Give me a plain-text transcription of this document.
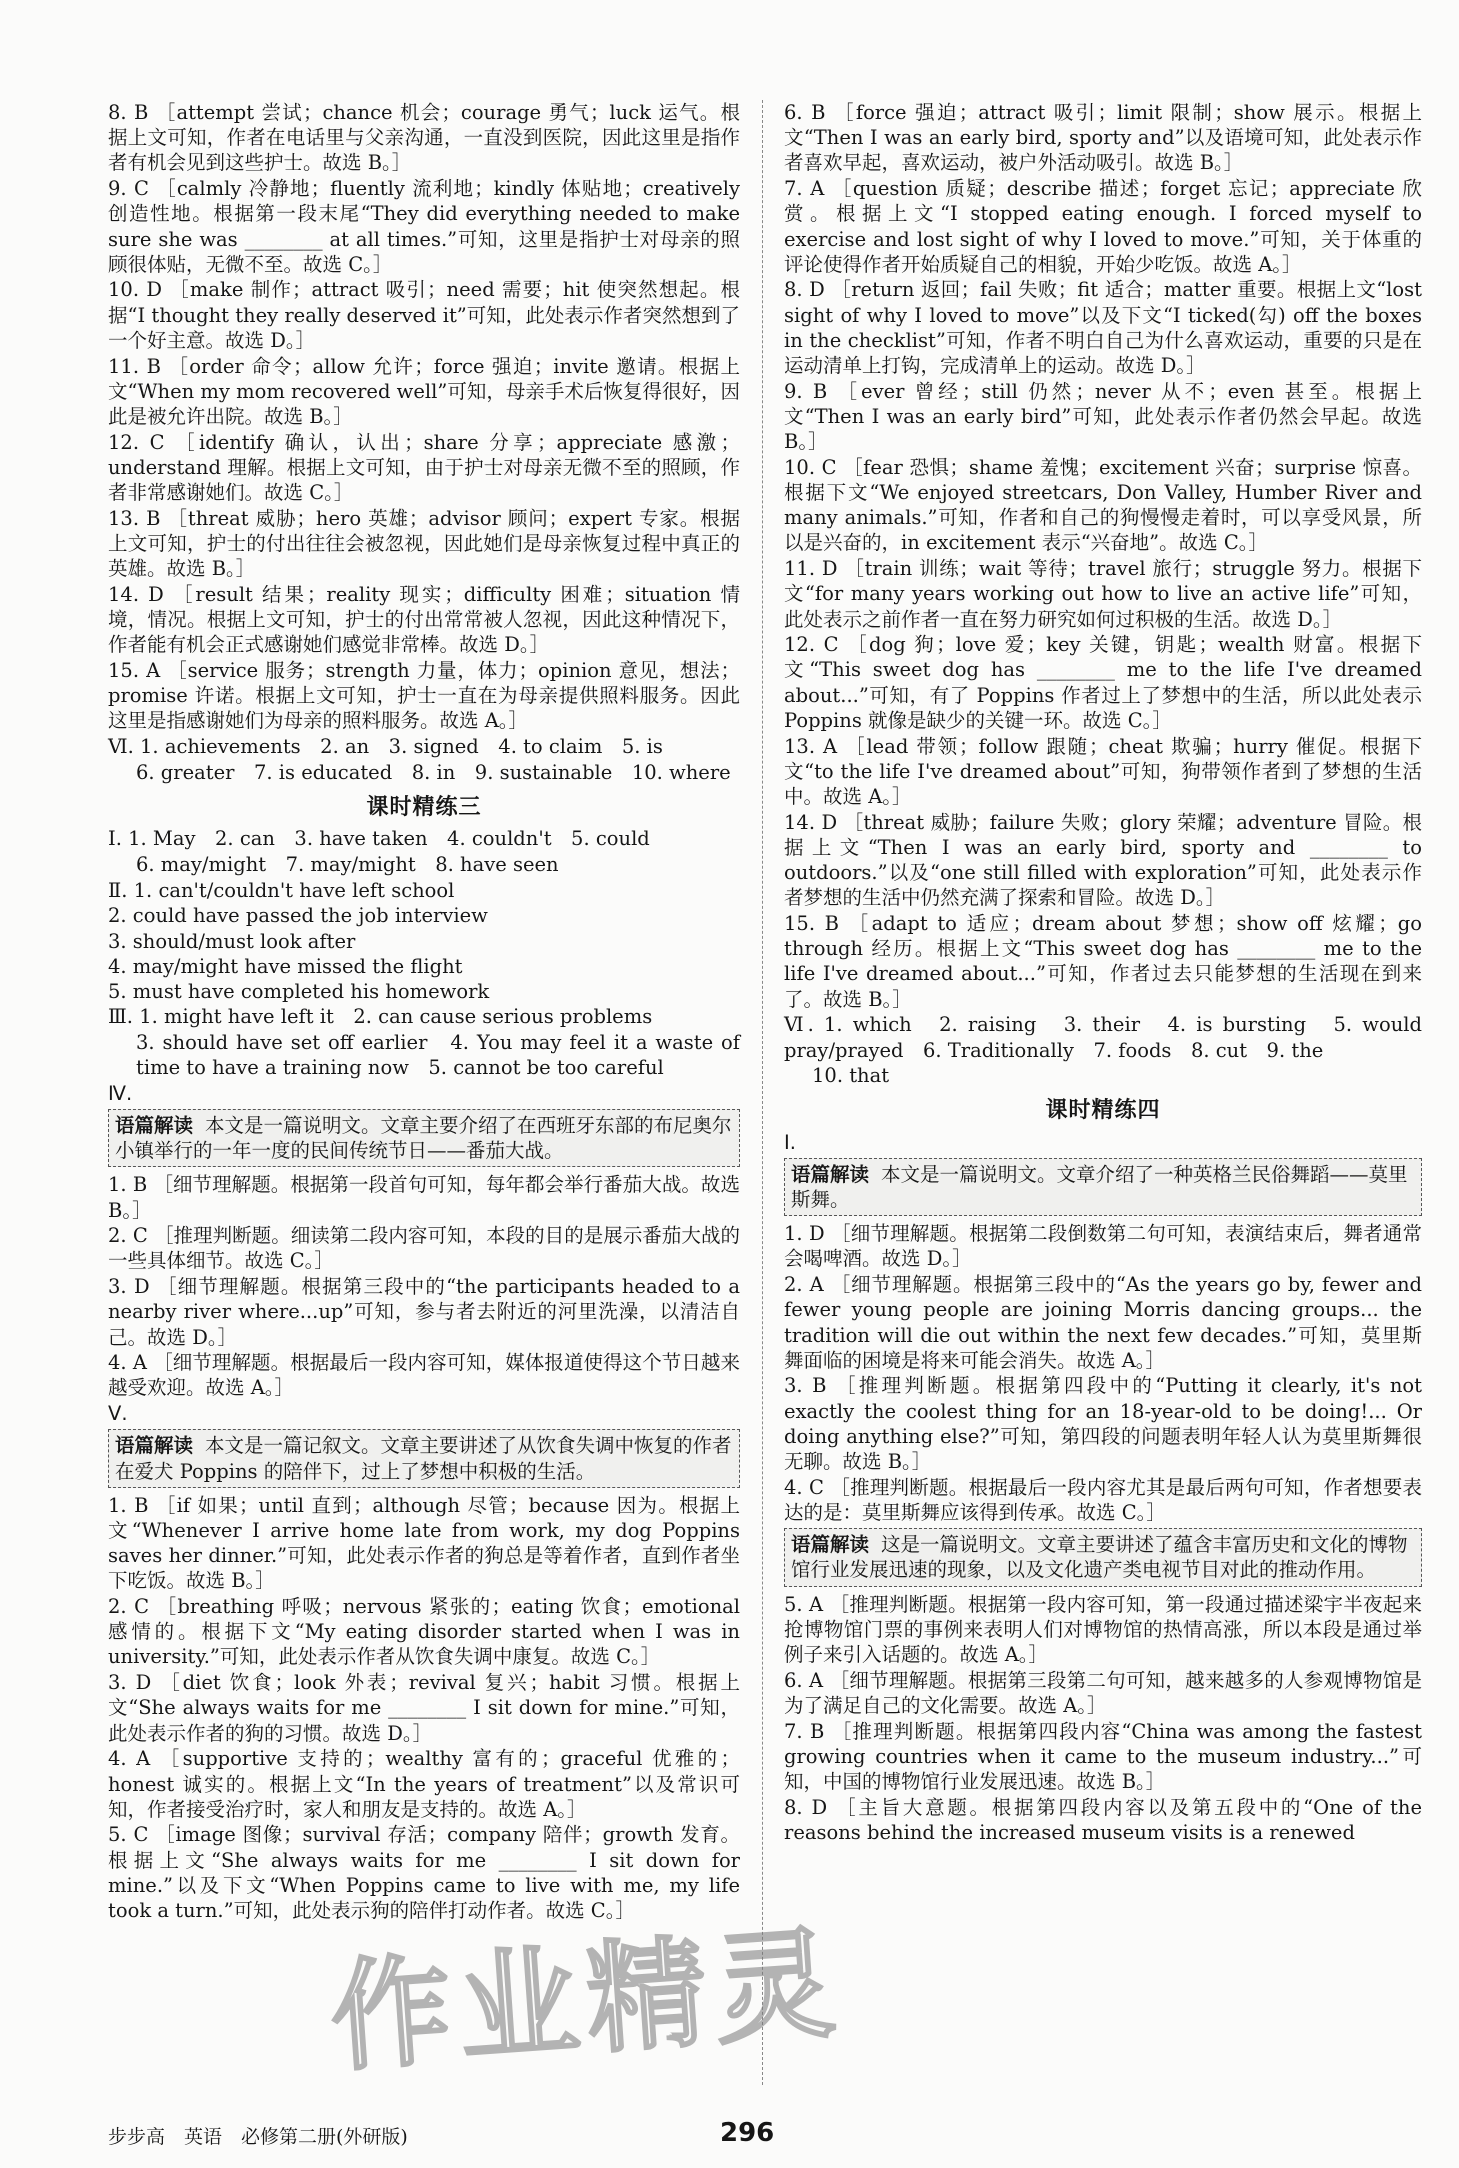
8. B ［attempt 尝试；chance 机会；courage 勇气；luck 运气。根据上文可知，作者在电话里与父亲沟通，一直没到医院，因此这里是指作者有机会见到这些护士。故选 B。］
9. C ［calmly 冷静地；fluently 流利地；kindly 体贴地；creatively 创造性地。根据第一段末尾“They did everything needed to make sure she was ________ at all times.”可知，这里是指护士对母亲的照顾很体贴，无微不至。故选 C。］
10. D ［make 制作；attract 吸引；need 需要；hit 使突然想起。根据“I thought they really deserved it”可知，此处表示作者突然想到了一个好主意。故选 D。］
11. B ［order 命令；allow 允许；force 强迫；invite 邀请。根据上文“When my mom recovered well”可知，母亲手术后恢复得很好，因此是被允许出院。故选 B。］
12. C ［identify 确认，认出；share 分享；appreciate 感激；understand 理解。根据上文可知，由于护士对母亲无微不至的照顾，作者非常感谢她们。故选 C。］
13. B ［threat 威胁；hero 英雄；advisor 顾问；expert 专家。根据上文可知，护士的付出往往会被忽视，因此她们是母亲恢复过程中真正的英雄。故选 B。］
14. D ［result 结果；reality 现实；difficulty 困难；situation 情境，情况。根据上文可知，护士的付出常常被人忽视，因此这种情况下，作者能有机会正式感谢她们感觉非常棒。故选 D。］
15. A ［service 服务；strength 力量，体力；opinion 意见，想法；promise 许诺。根据上文可知，护士一直在为母亲提供照料服务。因此这里是指感谢她们为母亲的照料服务。故选 A。］
Ⅵ. 1. achievements　2. an　3. signed　4. to claim　5. is
6. greater　7. is educated　8. in　9. sustainable　10. where
课时精练三
Ⅰ. 1. May　2. can　3. have taken　4. couldn't　5. could
6. may/might　7. may/might　8. have seen
Ⅱ. 1. can't/couldn't have left school
2. could have passed the job interview
3. should/must look after
4. may/might have missed the flight
5. must have completed his homework
Ⅲ. 1. might have left it　2. can cause serious problems
3. should have set off earlier　4. You may feel it a waste of time to have a training now　5. cannot be too careful
Ⅳ.
语篇解读 本文是一篇说明文。文章主要介绍了在西班牙东部的布尼奥尔小镇举行的一年一度的民间传统节日——番茄大战。
1. B ［细节理解题。根据第一段首句可知，每年都会举行番茄大战。故选 B。］
2. C ［推理判断题。细读第二段内容可知，本段的目的是展示番茄大战的一些具体细节。故选 C。］
3. D ［细节理解题。根据第三段中的“the participants headed to a nearby river where...up”可知，参与者去附近的河里洗澡，以清洁自己。故选 D。］
4. A ［细节理解题。根据最后一段内容可知，媒体报道使得这个节日越来越受欢迎。故选 A。］
Ⅴ.
语篇解读 本文是一篇记叙文。文章主要讲述了从饮食失调中恢复的作者在爱犬 Poppins 的陪伴下，过上了梦想中积极的生活。
1. B ［if 如果；until 直到；although 尽管；because 因为。根据上文“Whenever I arrive home late from work, my dog Poppins saves her dinner.”可知，此处表示作者的狗总是等着作者，直到作者坐下吃饭。故选 B。］
2. C ［breathing 呼吸；nervous 紧张的；eating 饮食；emotional 感情的。根据下文“My eating disorder started when I was in university.”可知，此处表示作者从饮食失调中康复。故选 C。］
3. D ［diet 饮食；look 外表；revival 复兴；habit 习惯。根据上文“She always waits for me ________ I sit down for mine.”可知，此处表示作者的狗的习惯。故选 D。］
4. A ［supportive 支持的；wealthy 富有的；graceful 优雅的；honest 诚实的。根据上文“In the years of treatment”以及常识可知，作者接受治疗时，家人和朋友是支持的。故选 A。］
5. C ［image 图像；survival 存活；company 陪伴；growth 发育。根据上文“She always waits for me ________ I sit down for mine.”以及下文“When Poppins came to live with me, my life took a turn.”可知，此处表示狗的陪伴打动作者。故选 C。］
6. B ［force 强迫；attract 吸引；limit 限制；show 展示。根据上文“Then I was an early bird, sporty and”以及语境可知，此处表示作者喜欢早起，喜欢运动，被户外活动吸引。故选 B。］
7. A ［question 质疑；describe 描述；forget 忘记；appreciate 欣赏。根据上文“I stopped eating enough. I forced myself to exercise and lost sight of why I loved to move.”可知，关于体重的评论使得作者开始质疑自己的相貌，开始少吃饭。故选 A。］
8. D ［return 返回；fail 失败；fit 适合；matter 重要。根据上文“lost sight of why I loved to move”以及下文“I ticked(勾) off the boxes in the checklist”可知，作者不明白自己为什么喜欢运动，重要的只是在运动清单上打钩，完成清单上的运动。故选 D。］
9. B ［ever 曾经；still 仍然；never 从不；even 甚至。根据上文“Then I was an early bird”可知，此处表示作者仍然会早起。故选 B。］
10. C ［fear 恐惧；shame 羞愧；excitement 兴奋；surprise 惊喜。根据下文“We enjoyed streetcars, Don Valley, Humber River and many animals.”可知，作者和自己的狗慢慢走着时，可以享受风景，所以是兴奋的，in excitement 表示“兴奋地”。故选 C。］
11. D ［train 训练；wait 等待；travel 旅行；struggle 努力。根据下文“for many years working out how to live an active life”可知，此处表示之前作者一直在努力研究如何过积极的生活。故选 D。］
12. C ［dog 狗；love 爱；key 关键，钥匙；wealth 财富。根据下文“This sweet dog has ________ me to the life I've dreamed about...”可知，有了 Poppins 作者过上了梦想中的生活，所以此处表示 Poppins 就像是缺少的关键一环。故选 C。］
13. A ［lead 带领；follow 跟随；cheat 欺骗；hurry 催促。根据下文“to the life I've dreamed about”可知，狗带领作者到了梦想的生活中。故选 A。］
14. D ［threat 威胁；failure 失败；glory 荣耀；adventure 冒险。根据上文“Then I was an early bird, sporty and ________ to outdoors.”以及“one still filled with exploration”可知，此处表示作者梦想的生活中仍然充满了探索和冒险。故选 D。］
15. B ［adapt to 适应；dream about 梦想；show off 炫耀；go through 经历。根据上文“This sweet dog has ________ me to the life I've dreamed about...”可知，作者过去只能梦想的生活现在到来了。故选 B。］
Ⅵ. 1. which　2. raising　3. their　4. is bursting　5. would pray/prayed　6. Traditionally　7. foods　8. cut　9. the
10. that
课时精练四
Ⅰ.
语篇解读 本文是一篇说明文。文章介绍了一种英格兰民俗舞蹈——莫里斯舞。
1. D ［细节理解题。根据第二段倒数第二句可知，表演结束后，舞者通常会喝啤酒。故选 D。］
2. A ［细节理解题。根据第三段中的“As the years go by, fewer and fewer young people are joining Morris dancing groups... the tradition will die out within the next few decades.”可知，莫里斯舞面临的困境是将来可能会消失。故选 A。］
3. B ［推理判断题。根据第四段中的“Putting it clearly, it's not exactly the coolest thing for an 18-year-old to be doing!... Or doing anything else?”可知，第四段的问题表明年轻人认为莫里斯舞很无聊。故选 B。］
4. C ［推理判断题。根据最后一段内容尤其是最后两句可知，作者想要表达的是：莫里斯舞应该得到传承。故选 C。］
语篇解读 这是一篇说明文。文章主要讲述了蕴含丰富历史和文化的博物馆行业发展迅速的现象，以及文化遗产类电视节目对此的推动作用。
5. A ［推理判断题。根据第一段内容可知，第一段通过描述梁宇半夜起来抢博物馆门票的事例来表明人们对博物馆的热情高涨，所以本段是通过举例子来引入话题的。故选 A。］
6. A ［细节理解题。根据第三段第二句可知，越来越多的人参观博物馆是为了满足自己的文化需要。故选 A。］
7. B ［推理判断题。根据第四段内容“China was among the fastest growing countries when it came to the museum industry...”可知，中国的博物馆行业发展迅速。故选 B。］
8. D ［主旨大意题。根据第四段内容以及第五段中的“One of the reasons behind the increased museum visits is a renewed
步步高　英语　必修第二册(外研版)	296
作业精灵
